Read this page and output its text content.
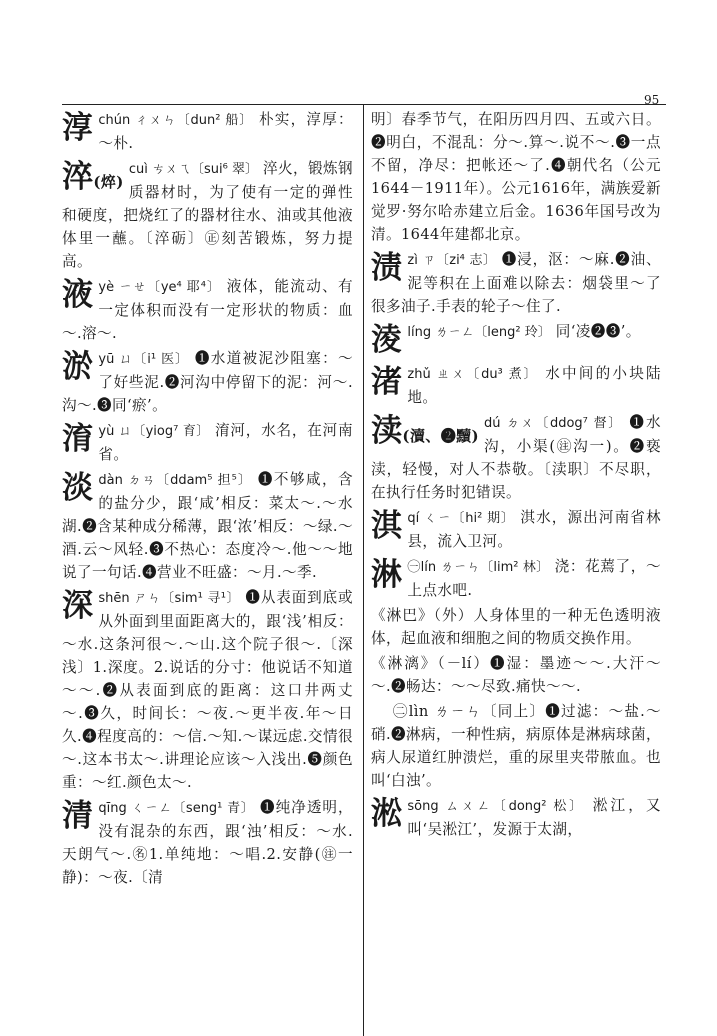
95
淳 chún ㄔㄨㄣ〔dun² 船〕 朴实，淳厚：～朴.
淬(焠)
cuì ㄘㄨㄟ〔sui⁶ 翠〕 淬火，锻炼钢质器材时，为了使有一定的弹性和硬度，把烧红了的器材往水、油或其他液体里一蘸。〔淬砺〕㊣刻苦锻炼，努力提高。
液 yè ㄧㄝ〔ye⁴ 耶⁴〕 液体，能流动、有一定体积而没有一定形状的物质：血～.溶～.
淤 yū ㄩ〔i¹ 医〕 ❶水道被泥沙阻塞：～了好些泥.❷河沟中停留下的泥：河～.沟～.❸同‘瘀’。
淯 yù ㄩ〔yiog⁷ 育〕 淯河，水名，在河南省。
淡 dàn ㄉㄢ〔ddam⁵ 担⁵〕 ❶不够咸，含的盐分少，跟‘咸’相反：菜太～.～水湖.❷含某种成分稀薄，跟‘浓’相反：～绿.～酒.云～风轻.❸不热心：态度冷～.他～～地说了一句话.❹营业不旺盛：～月.～季.
深 shēn ㄕㄣ〔sim¹ 寻¹〕 ❶从表面到底或从外面到里面距离大的，跟‘浅’相反：～水.这条河很～.～山.这个院子很～.〔深浅〕1.深度。2.说话的分寸：他说话不知道～～.❷从表面到底的距离：这口井两丈～.❸久，时间长：～夜.～更半夜.年～日久.❹程度高的：～信.～知.～谋远虑.交情很～.这本书太～.讲理论应该～入浅出.❺颜色重：～红.颜色太～.
清 qīng ㄑㄧㄥ〔seng¹ 青〕 ❶纯净透明，没有混杂的东西，跟‘浊’相反：～水.天朗气～.㊔1.单纯地：～唱.2.安静(㊟一静)：～夜.〔清
明〕春季节气，在阳历四月四、五或六日。❷明白，不混乱：分～.算～.说不～.❸一点不留，净尽：把帐还～了.❹朝代名（公元1644－1911年）。公元1616年，满族爱新觉罗·努尔哈赤建立后金。1636年国号改为清。1644年建都北京。
渍 zì ㄗ〔zi⁴ 志〕 ❶浸，沤：～麻.❷油、泥等积在上面难以除去：烟袋里～了很多油子.手表的轮子～住了.
淩 líng ㄌㄧㄥ〔leng² 玲〕 同‘凌❷❸’。
渚 zhǔ ㄓㄨ〔du³ 煮〕 水中间的小块陆地。
渎(瀆、❷黷)
dú ㄉㄨ〔ddog⁷ 督〕 ❶水沟，小渠(㊟沟一)。❷亵渎，轻慢，对人不恭敬。〔渎职〕不尽职，在执行任务时犯错误。
淇 qí ㄑㄧ〔hi² 期〕 淇水，源出河南省林县，流入卫河。
淋 ㊀lín ㄌㄧㄣ〔lim² 林〕 浇：花蔫了，～上点水吧.
《淋巴》（外）人身体里的一种无色透明液体，起血液和细胞之间的物质交换作用。
《淋漓》（－lí）❶湿：墨迹～～.大汗～～.❷畅达：～～尽致.痛快～～.
㊁lìn ㄌㄧㄣ〔同上〕❶过滤：～盐.～硝.❷淋病，一种性病，病原体是淋病球菌，病人尿道红肿溃烂，重的尿里夹带脓血。也叫‘白浊’。
淞 sōng ㄙㄨㄥ〔dong² 松〕 淞江，又叫‘吴淞江’，发源于太湖，
